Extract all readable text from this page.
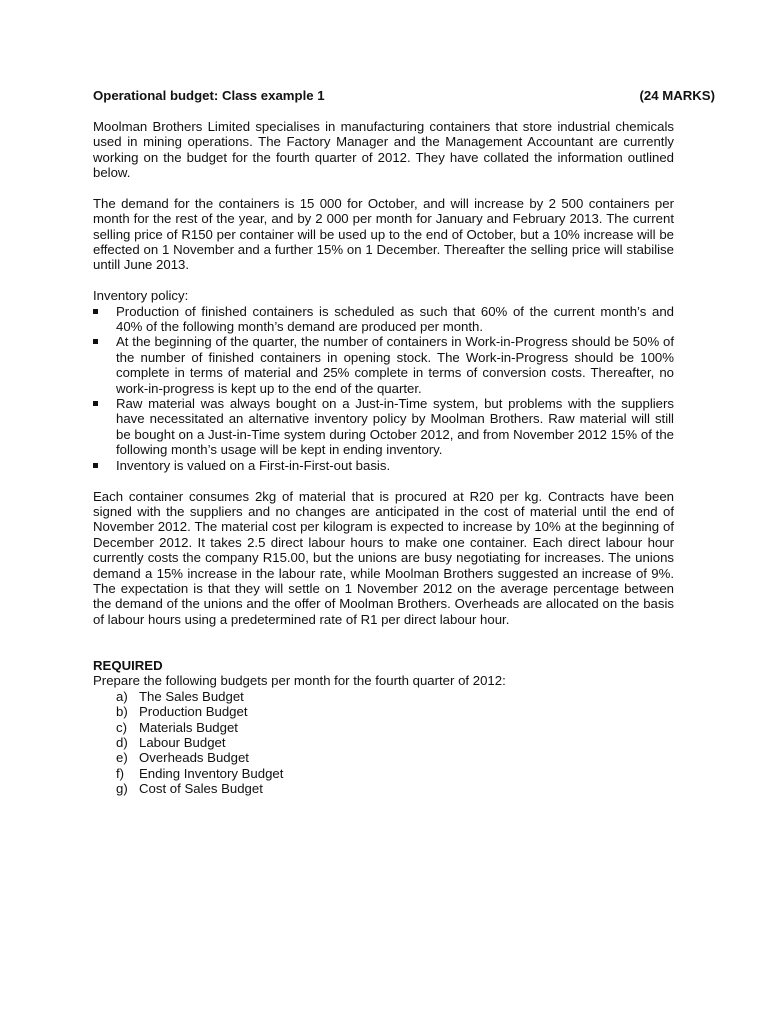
Operational budget: Class example 1	(24 MARKS)

Moolman Brothers Limited specialises in manufacturing containers that store industrial chemicals used in mining operations. The Factory Manager and the Management Accountant are currently working on the budget for the fourth quarter of 2012. They have collated the information outlined below.

The demand for the containers is 15 000 for October, and will increase by 2 500 containers per month for the rest of the year, and by 2 000 per month for January and February 2013. The current selling price of R150 per container will be used up to the end of October, but a 10% increase will be effected on 1 November and a further 15% on 1 December. Thereafter the selling price will stabilise untill June 2013.

Inventory policy:

Production of finished containers is scheduled as such that 60% of the current month’s and 40% of the following month’s demand are produced per month.
At the beginning of the quarter, the number of containers in Work-in-Progress should be 50% of the number of finished containers in opening stock. The Work-in-Progress should be 100% complete in terms of material and 25% complete in terms of conversion costs. Thereafter, no work-in-progress is kept up to the end of the quarter.
Raw material was always bought on a Just-in-Time system, but problems with the suppliers have necessitated an alternative inventory policy by Moolman Brothers. Raw material will still be bought on a Just-in-Time system during October 2012, and from November 2012 15% of the following month’s usage will be kept in ending inventory.
Inventory is valued on a First-in-First-out basis.

Each container consumes 2kg of material that is procured at R20 per kg. Contracts have been signed with the suppliers and no changes are anticipated in the cost of material until the end of November 2012. The material cost per kilogram is expected to increase by 10% at the beginning of December 2012. It takes 2.5 direct labour hours to make one container. Each direct labour hour currently costs the company R15.00, but the unions are busy negotiating for increases. The unions demand a 15% increase in the labour rate, while Moolman Brothers suggested an increase of 9%. The expectation is that they will settle on 1 November 2012 on the average percentage between the demand of the unions and the offer of Moolman Brothers. Overheads are allocated on the basis of labour hours using a predetermined rate of R1 per direct labour hour.

REQUIRED
Prepare the following budgets per month for the fourth quarter of 2012:
a) The Sales Budget
b) Production Budget
c) Materials Budget
d) Labour Budget
e) Overheads Budget
f)	Ending Inventory Budget
g) Cost of Sales Budget
